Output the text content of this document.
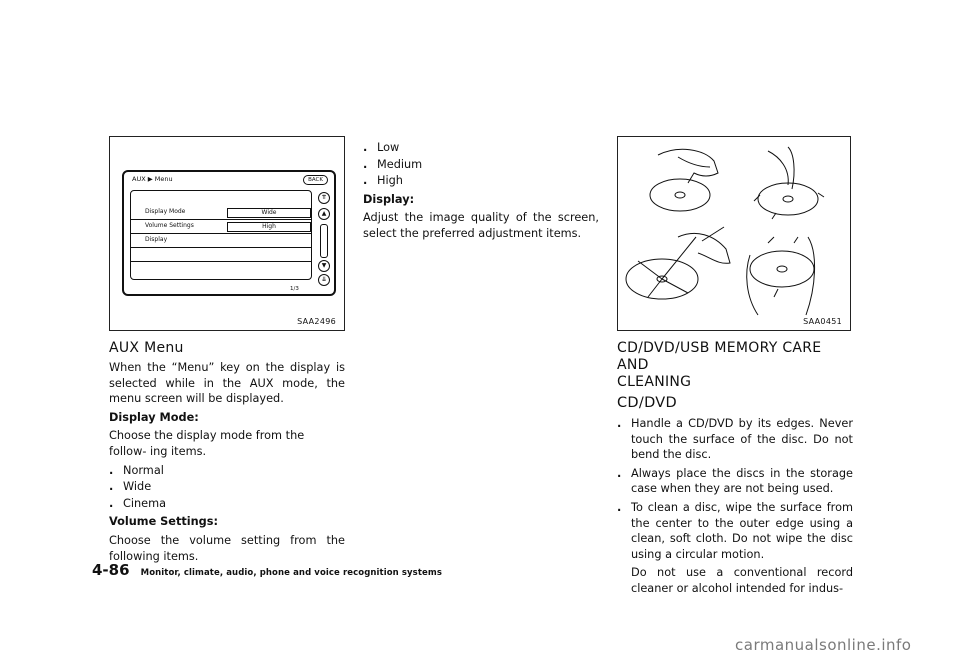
AUX ▶ Menu	BACK
Display Mode	Wide
Volume Settings	High
Display
⇈
▲
▼
⇊
1/3
SAA2496
AUX Menu

When the “Menu” key on the display is selected while in the AUX mode, the menu screen will be displayed.

Display Mode:

Choose the display mode from the follow- ing items.

. Normal

. Wide

. Cinema

Volume Settings:

Choose the volume setting from the following items.

. Low

. Medium

. High

Display:

Adjust the image quality of the screen, select the preferred adjustment items.

SAA0451
CD/DVD/USB MEMORY CARE AND
CLEANING
CD/DVD

. Handle a CD/DVD by its edges. Never touch the surface of the disc. Do not bend the disc.

. Always place the discs in the storage case when they are not being used.

. To clean a disc, wipe the surface from the center to the outer edge using a clean, soft cloth. Do not wipe the disc using a circular motion.

Do not use a conventional record cleaner or alcohol intended for indus-

4-86 Monitor, climate, audio, phone and voice recognition systems
carmanualsonline.info
